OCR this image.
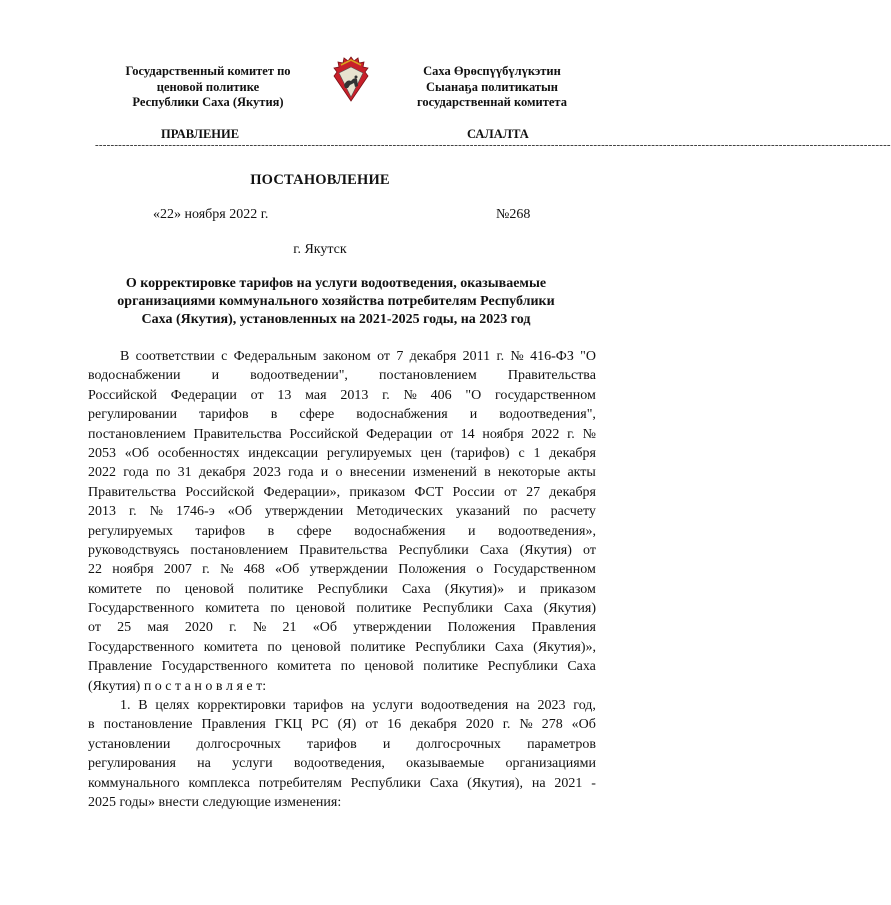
Государственный комитет по
ценовой политике
Республики Саха (Якутия)
Саха Өрөспүүбүлүкэтин
Сыанаҕа политикатын
государственнай комитета
ПРАВЛЕНИЕ	САЛАЛТА
--------------------------------------------------------------------------------------------------------------------------------------------------------------------------------------------------------------
ПОСТАНОВЛЕНИЕ
«22» ноября 2022 г.	№268
г. Якутск
О корректировке тарифов на услуги водоотведения, оказываемые
организациями коммунального хозяйства потребителям Республики
Саха (Якутия), установленных на 2021-2025 годы, на 2023 год
В соответствии с Федеральным законом от 7 декабря 2011 г. № 416-ФЗ "О
водоснабжении и водоотведении", постановлением Правительства
Российской Федерации от 13 мая 2013 г. № 406 "О государственном
регулировании тарифов в сфере водоснабжения и водоотведения",
постановлением Правительства Российской Федерации от 14 ноября 2022 г. №
2053 «Об особенностях индексации регулируемых цен (тарифов) с 1 декабря
2022 года по 31 декабря 2023 года и о внесении изменений в некоторые акты
Правительства Российской Федерации», приказом ФСТ России от 27 декабря
2013 г. № 1746-э «Об утверждении Методических указаний по расчету
регулируемых тарифов в сфере водоснабжения и водоотведения»,
руководствуясь постановлением Правительства Республики Саха (Якутия) от
22 ноября 2007 г. № 468 «Об утверждении Положения о Государственном
комитете по ценовой политике Республики Саха (Якутия)» и приказом
Государственного комитета по ценовой политике Республики Саха (Якутия)
от 25 мая 2020 г. № 21 «Об утверждении Положения Правления
Государственного комитета по ценовой политике Республики Саха (Якутия)»,
Правление Государственного комитета по ценовой политике Республики Саха
(Якутия) п о с т а н о в л я е т:
1. В целях корректировки тарифов на услуги водоотведения на 2023 год,
в постановление Правления ГКЦ РС (Я) от 16 декабря 2020 г. № 278 «Об
установлении долгосрочных тарифов и долгосрочных параметров
регулирования на услуги водоотведения, оказываемые организациями
коммунального комплекса потребителям Республики Саха (Якутия), на 2021 -
2025 годы» внести следующие изменения:
